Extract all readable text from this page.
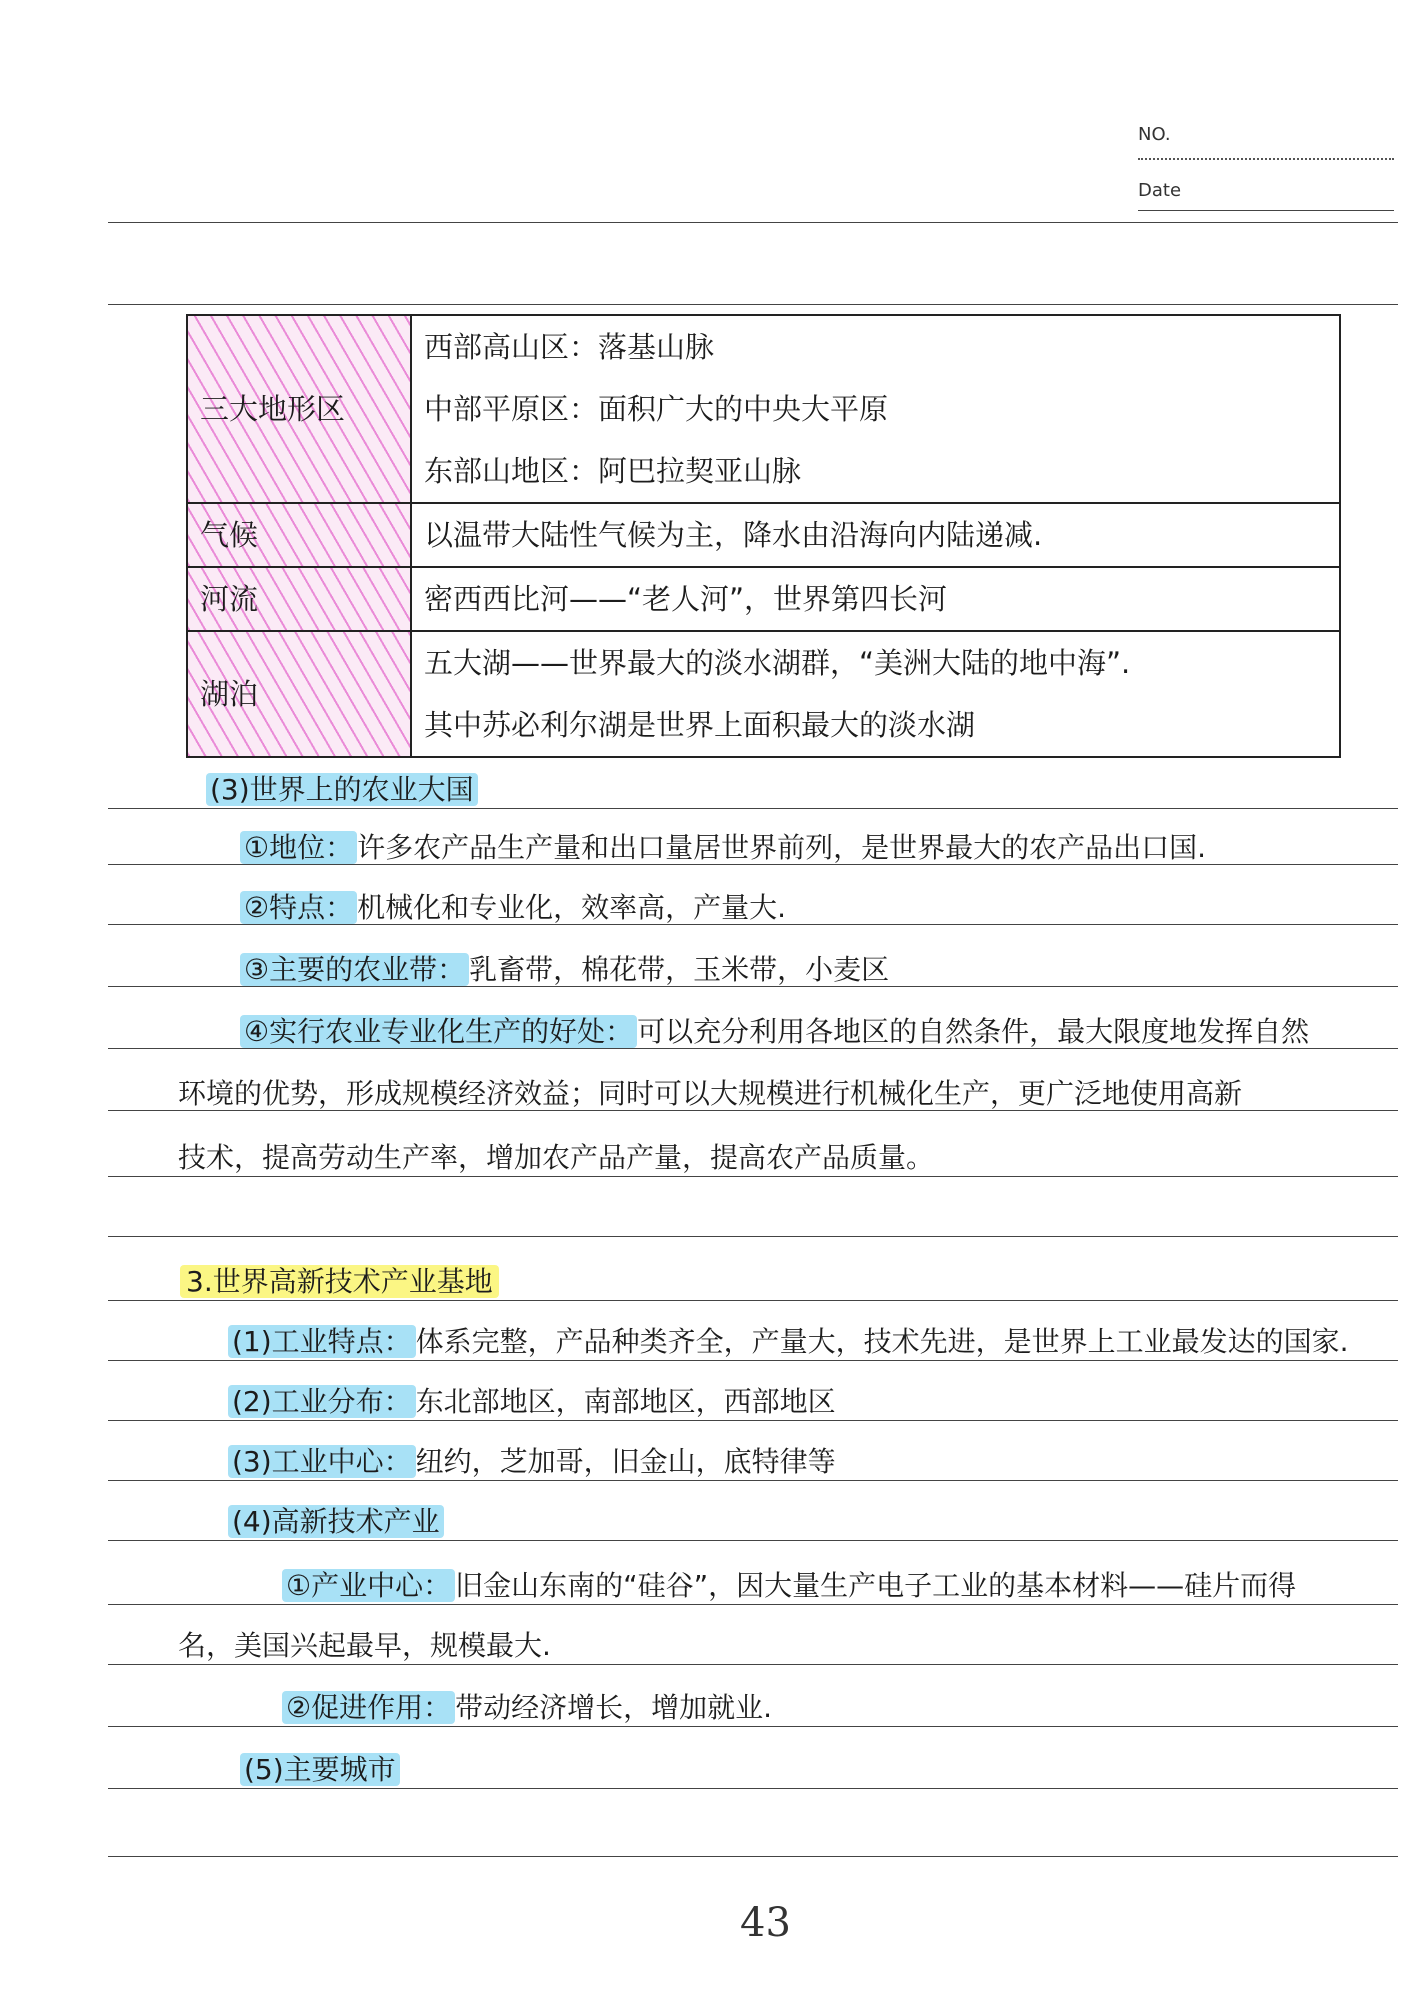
NO.
Date
三大地形区	西部高山区：落基山脉
中部平原区：面积广大的中央大平原
东部山地区：阿巴拉契亚山脉

气候	以温带大陆性气候为主，降水由沿海向内陆递减.

河流	密西西比河——“老人河”，世界第四长河

湖泊	五大湖——世界最大的淡水湖群，“美洲大陆的地中海”.
其中苏必利尔湖是世界上面积最大的淡水湖
(3)世界上的农业大国
①地位： 许多农产品生产量和出口量居世界前列，是世界最大的农产品出口国.
②特点： 机械化和专业化，效率高，产量大.
③主要的农业带： 乳畜带，棉花带，玉米带，小麦区
④实行农业专业化生产的好处： 可以充分利用各地区的自然条件，最大限度地发挥自然
环境的优势，形成规模经济效益；同时可以大规模进行机械化生产，更广泛地使用高新
技术，提高劳动生产率，增加农产品产量，提高农产品质量。
3.世界高新技术产业基地
(1)工业特点： 体系完整，产品种类齐全，产量大，技术先进，是世界上工业最发达的国家.
(2)工业分布： 东北部地区，南部地区，西部地区
(3)工业中心： 纽约，芝加哥，旧金山，底特律等
(4)高新技术产业
①产业中心： 旧金山东南的“硅谷”，因大量生产电子工业的基本材料——硅片而得
名，美国兴起最早，规模最大.
②促进作用： 带动经济增长，增加就业.
(5)主要城市
43
